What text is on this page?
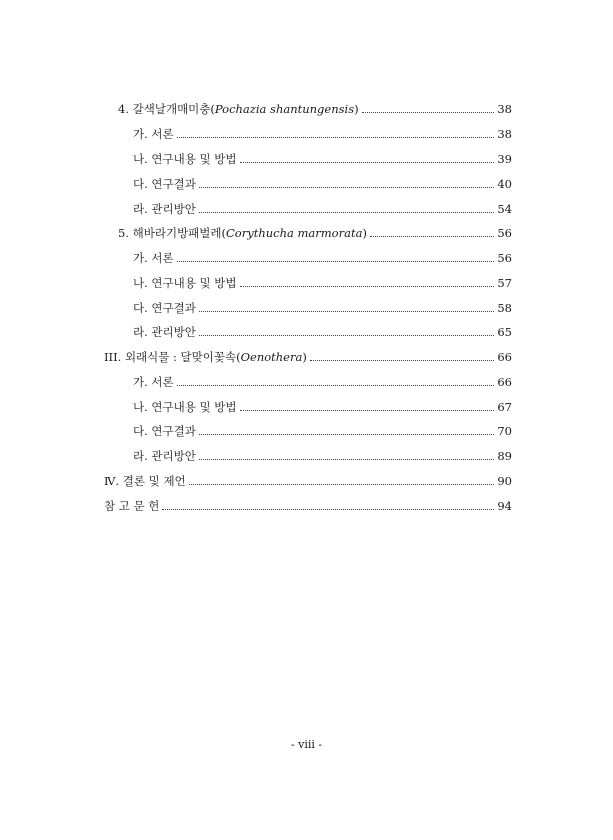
4. 갈색날개매미충(Pochazia shantungensis)	38
가. 서론	38
나. 연구내용 및 방법	39
다. 연구결과	40
라. 관리방안	54
5. 해바라기방패벌레(Corythucha marmorata)	56
가. 서론	56
나. 연구내용 및 방법	57
다. 연구결과	58
라. 관리방안	65
III. 외래식물 : 달맞이꽃속(Oenothera)	66
가. 서론	66
나. 연구내용 및 방법	67
다. 연구결과	70
라. 관리방안	89
Ⅳ. 결론 및 제언	90
참 고 문 헌	94
- viii -
